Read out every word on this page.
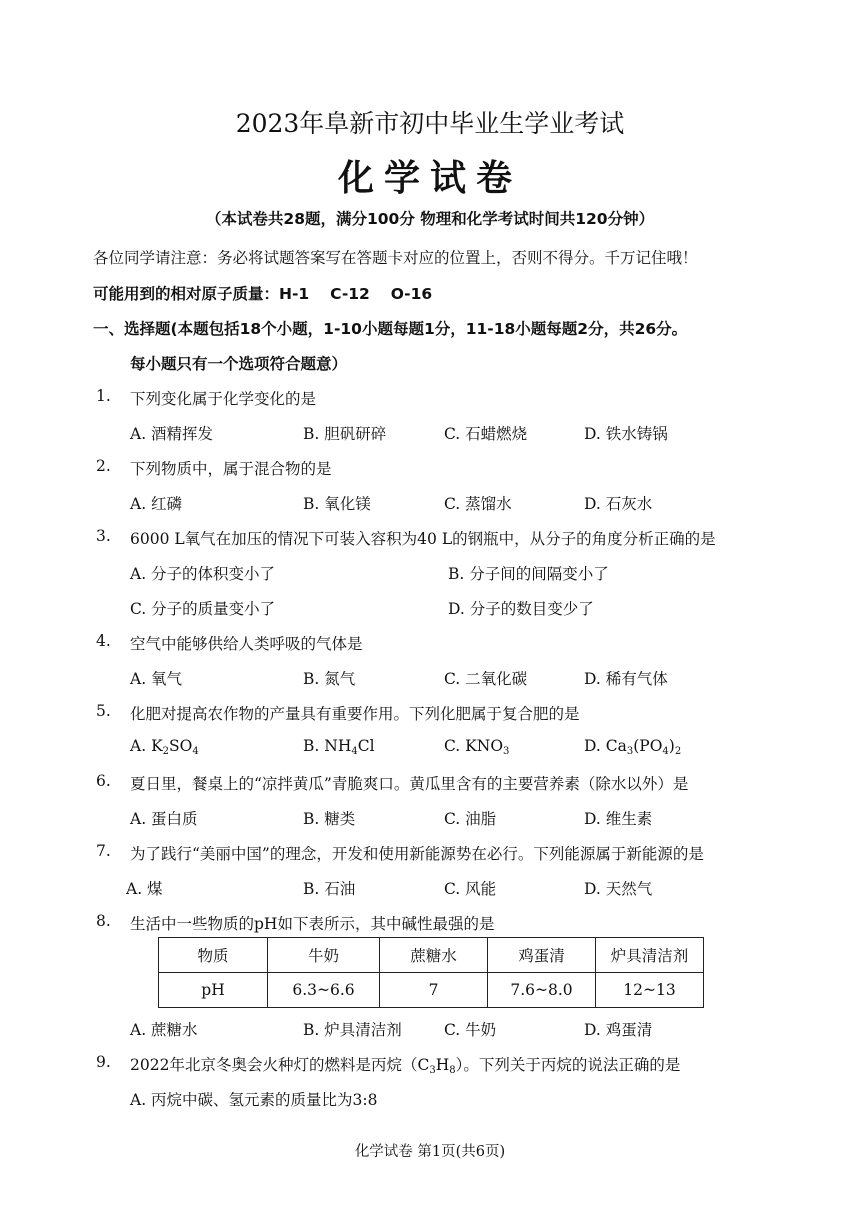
2023年阜新市初中毕业生学业考试
化学试卷
（本试卷共28题，满分100分 物理和化学考试时间共120分钟）
各位同学请注意：务必将试题答案写在答题卡对应的位置上，否则不得分。千万记住哦！
可能用到的相对原子质量：H-1　 C-12　 O-16
一、选择题(本题包括18个小题，1-10小题每题1分，11-18小题每题2分，共26分。
每小题只有一个选项符合题意）
1. 下列变化属于化学变化的是
A. 酒精挥发	B. 胆矾研碎	C. 石蜡燃烧	D. 铁水铸锅
2. 下列物质中，属于混合物的是
A. 红磷	B. 氧化镁	C. 蒸馏水	D. 石灰水
3. 6000 L氧气在加压的情况下可装入容积为40 L的钢瓶中，从分子的角度分析正确的是
A. 分子的体积变小了	B. 分子间的间隔变小了
C. 分子的质量变小了	D. 分子的数目变少了
4. 空气中能够供给人类呼吸的气体是
A. 氧气	B. 氮气	C. 二氧化碳	D. 稀有气体
5. 化肥对提高农作物的产量具有重要作用。下列化肥属于复合肥的是
A. $K_2SO_4$	B. $NH_4Cl$	C. $KNO_3$	D. $Ca_3(PO_4)_2$
6. 夏日里，餐桌上的“凉拌黄瓜”青脆爽口。黄瓜里含有的主要营养素（除水以外）是
A. 蛋白质	B. 糖类	C. 油脂	D. 维生素
7. 为了践行“美丽中国”的理念，开发和使用新能源势在必行。下列能源属于新能源的是
A. 煤	B. 石油	C. 风能	D. 天然气
8. 生活中一些物质的pH如下表所示，其中碱性最强的是
物质	牛奶	蔗糖水	鸡蛋清	炉具清洁剂
pH	6.3~6.6	7	7.6~8.0	12~13
A. 蔗糖水	B. 炉具清洁剂	C. 牛奶	D. 鸡蛋清
9. 2022年北京冬奥会火种灯的燃料是丙烷$(C_3H_8)$。下列关于丙烷的说法正确的是
A. 丙烷中碳、氢元素的质量比为3:8
化学试卷 第1页(共6页)
